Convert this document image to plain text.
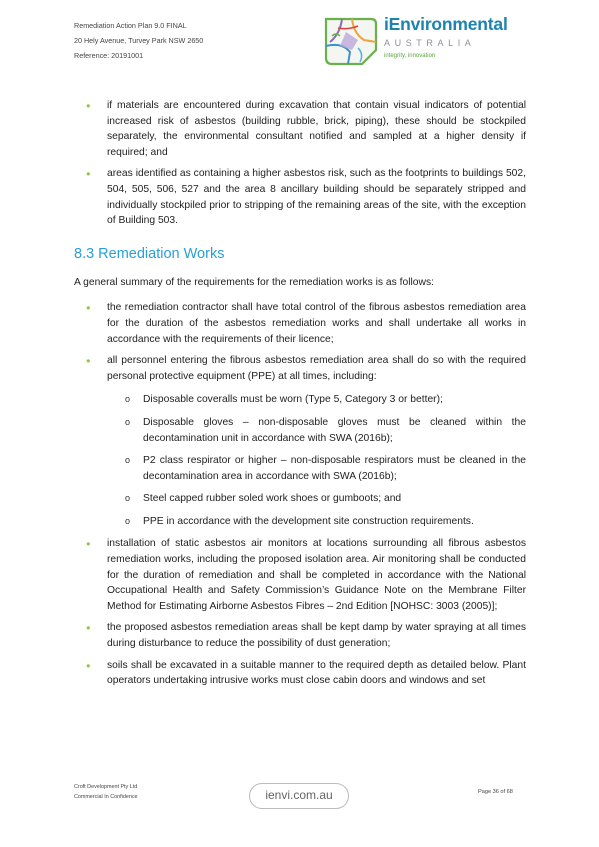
Remediation Action Plan 9.0 FINAL
20 Hely Avenue, Turvey Park NSW 2650
Reference: 20191001
iEnvironmental
AUSTRALIA
integrity, innovation
● if materials are encountered during excavation that contain visual indicators of potential increased risk of asbestos (building rubble, brick, piping), these should be stockpiled separately, the environmental consultant notified and sampled at a higher density if required; and
● areas identified as containing a higher asbestos risk, such as the footprints to buildings 502, 504, 505, 506, 527 and the area 8 ancillary building should be separately stripped and individually stockpiled prior to stripping of the remaining areas of the site, with the exception of Building 503.
8.3 Remediation Works

A general summary of the requirements for the remediation works is as follows:

● the remediation contractor shall have total control of the fibrous asbestos remediation area for the duration of the asbestos remediation works and shall undertake all works in accordance with the requirements of their licence;
● all personnel entering the fibrous asbestos remediation area shall do so with the required personal protective equipment (PPE) at all times, including:
o Disposable coveralls must be worn (Type 5, Category 3 or better);
o Disposable gloves – non-disposable gloves must be cleaned within the decontamination unit in accordance with SWA (2016b);
o P2 class respirator or higher – non-disposable respirators must be cleaned in the decontamination area in accordance with SWA (2016b);
o Steel capped rubber soled work shoes or gumboots; and
o PPE in accordance with the development site construction requirements.
● installation of static asbestos air monitors at locations surrounding all fibrous asbestos remediation works, including the proposed isolation area. Air monitoring shall be conducted for the duration of remediation and shall be completed in accordance with the National Occupational Health and Safety Commission’s Guidance Note on the Membrane Filter Method for Estimating Airborne Asbestos Fibres – 2nd Edition [NOHSC: 3003 (2005)];
● the proposed asbestos remediation areas shall be kept damp by water spraying at all times during disturbance to reduce the possibility of dust generation;
● soils shall be excavated in a suitable manner to the required depth as detailed below. Plant operators undertaking intrusive works must close cabin doors and windows and set
Croft Development Pty Ltd
Commercial In Confidence	ienvi.com.au	Page 36 of 68
